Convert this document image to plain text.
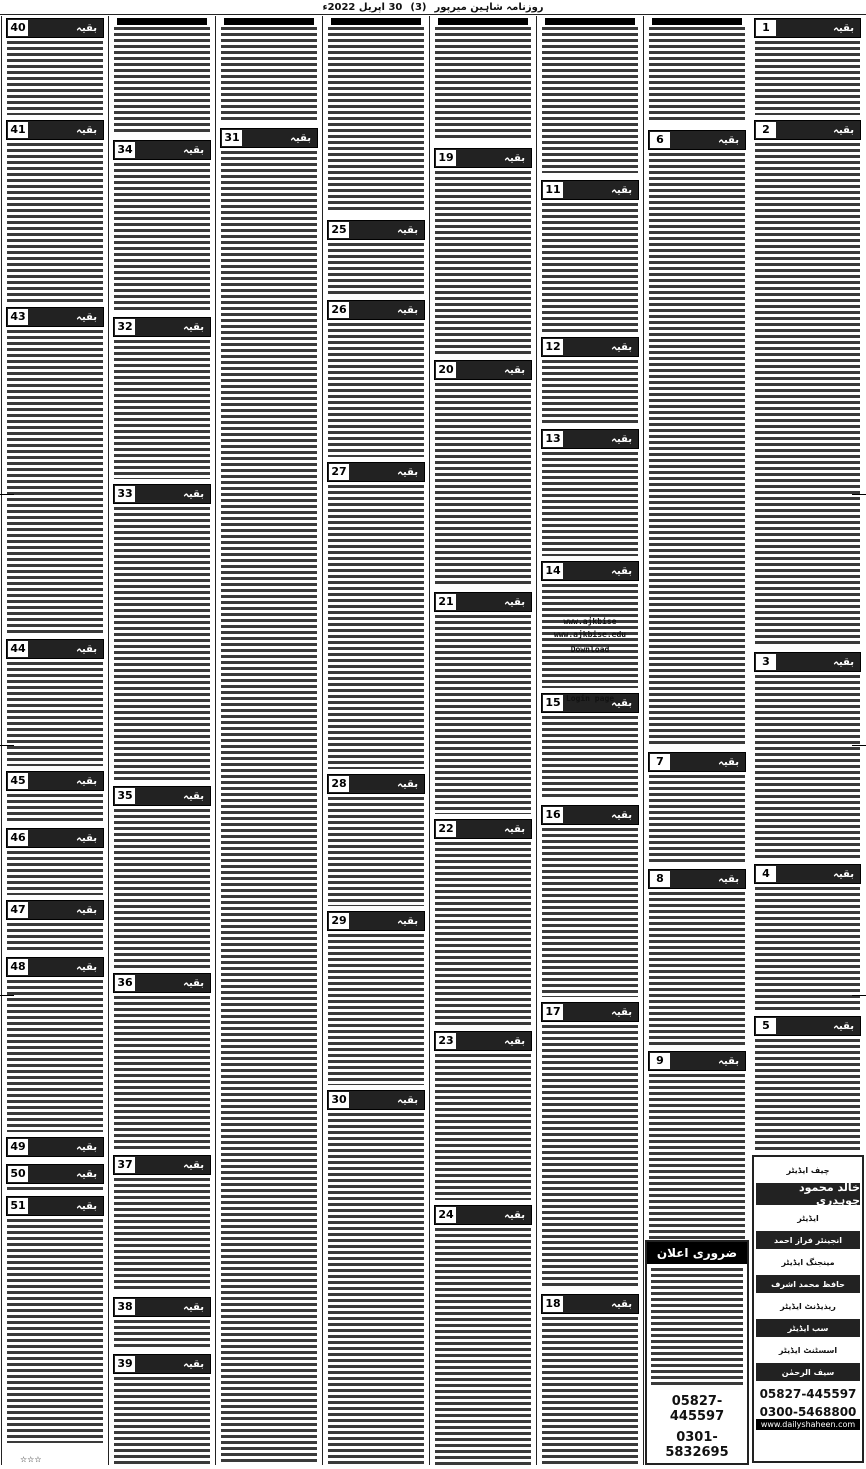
روزنامہ شاہین میرپور
(3)
30 اپریل 2022ء
40	بقیہ
41	بقیہ
43	بقیہ
44	بقیہ
45	بقیہ
46	بقیہ
47	بقیہ
48	بقیہ
49	بقیہ
50	بقیہ
51	بقیہ
34	بقیہ
32	بقیہ
33	بقیہ
35	بقیہ
36	بقیہ
37	بقیہ
38	بقیہ
39	بقیہ
31	بقیہ
25	بقیہ
26	بقیہ
27	بقیہ
28	بقیہ
29	بقیہ
30	بقیہ
19	بقیہ
20	بقیہ
21	بقیہ
22	بقیہ
23	بقیہ
24	بقیہ
11	بقیہ
12	بقیہ
13	بقیہ
14	بقیہ
15	بقیہ
16	بقیہ
17	بقیہ
18	بقیہ
6	بقیہ
7	بقیہ
8	بقیہ
9	بقیہ
1	بقیہ
2	بقیہ
3	بقیہ
4	بقیہ
5	بقیہ
www.ajkbise
www.ajkbise.edu
Download
Login page
چیف ایڈیٹر
خالد محمود چوہدری
ایڈیٹر
انجینئر فراز احمد
مینجنگ ایڈیٹر
حافظ محمد اشرف
ریذیڈنٹ ایڈیٹر
سب ایڈیٹر
اسسٹنٹ ایڈیٹر
سیف الرحمٰن
05827-445597
0300-5468800
www.dailyshaheen.com
ضروری اعلان
05827-445597
0301-5832695
☆☆☆
